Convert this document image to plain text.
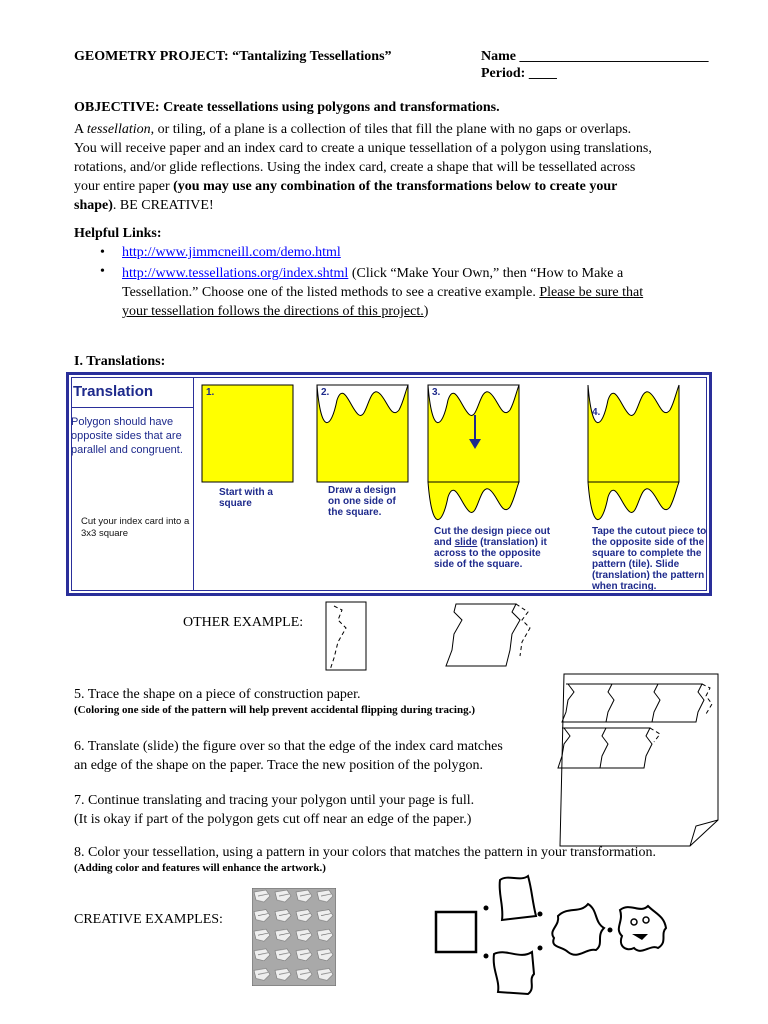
GEOMETRY PROJECT: “Tantalizing Tessellations”	Name ___________________________
Period: ____
OBJECTIVE: Create tessellations using polygons and transformations.
A tessellation, or tiling, of a plane is a collection of tiles that fill the plane with no gaps or overlaps.
You will receive paper and an index card to create a unique tessellation of a polygon using translations,
rotations, and/or glide reflections. Using the index card, create a shape that will be tessellated across
your entire paper (you may use any combination of the transformations below to create your
shape). BE CREATIVE!
Helpful Links:
• http://www.jimmcneill.com/demo.html
• http://www.tessellations.org/index.shtml (Click “Make Your Own,” then “How to Make a
Tessellation.” Choose one of the listed methods to see a creative example. Please be sure that
your tessellation follows the directions of this project.)
I. Translations:
Translation
Polygon should have opposite sides that are parallel and congruent.
Cut your index card into a 3x3 square
1.	2.	3.
4.
Start with a square
Draw a design on one side of the square.
Cut the design piece out and slide (translation) it across to the opposite side of the square.
Tape the cutout piece to the opposite side of the square to complete the pattern (tile). Slide (translation) the pattern when tracing.
OTHER EXAMPLE:
5. Trace the shape on a piece of construction paper.
(Coloring one side of the pattern will help prevent accidental flipping during tracing.)
6. Translate (slide) the figure over so that the edge of the index card matches
an edge of the shape on the paper. Trace the new position of the polygon.
7. Continue translating and tracing your polygon until your page is full.
(It is okay if part of the polygon gets cut off near an edge of the paper.)
8. Color your tessellation, using a pattern in your colors that matches the pattern in your transformation.
(Adding color and features will enhance the artwork.)
CREATIVE EXAMPLES:
